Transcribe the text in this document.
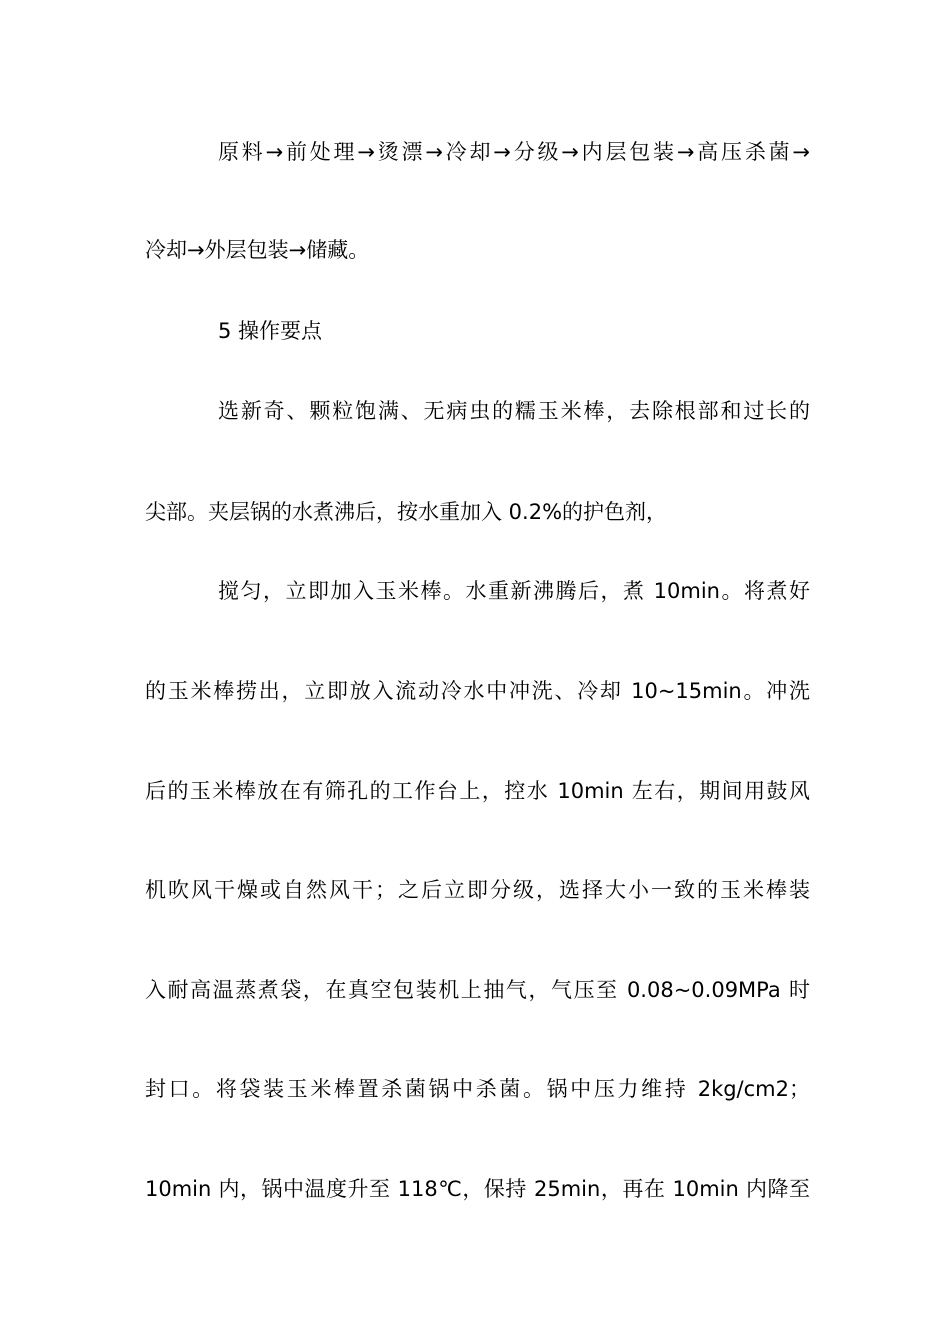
原料→前处理→烫漂→冷却→分级→内层包装→高压杀菌→
冷却→外层包装→储藏。
5 操作要点
选新奇、颗粒饱满、无病虫的糯玉米棒，去除根部和过长的
尖部。夹层锅的水煮沸后，按水重加入 0.2%的护色剂，
搅匀，立即加入玉米棒。水重新沸腾后，煮 10min。将煮好
的玉米棒捞出，立即放入流动冷水中冲洗、冷却 10~15min。冲洗
后的玉米棒放在有筛孔的工作台上，控水 10min 左右，期间用鼓风
机吹风干燥或自然风干；之后立即分级，选择大小一致的玉米棒装
入耐高温蒸煮袋，在真空包装机上抽气，气压至 0.08~0.09MPa 时
封口。将袋装玉米棒置杀菌锅中杀菌。锅中压力维持 2kg/cm2；
10min 内，锅中温度升至 118℃，保持 25min，再在 10min 内降至
